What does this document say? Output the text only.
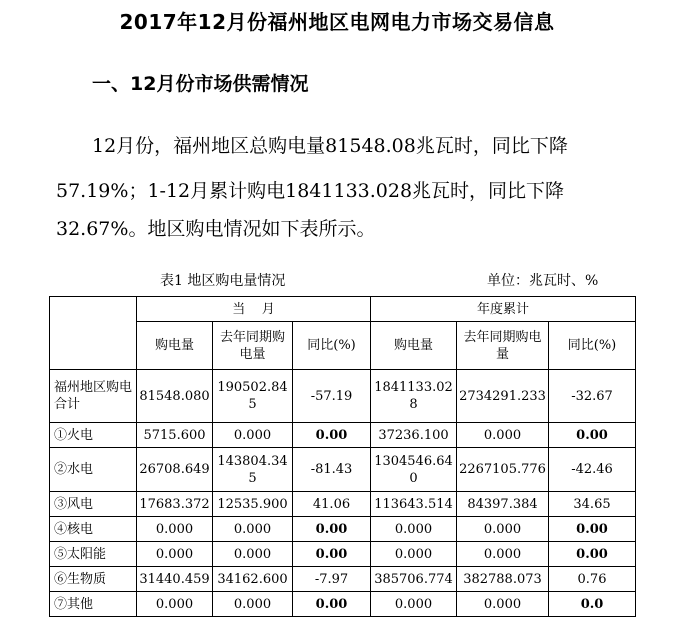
2017年12月份福州地区电网电力市场交易信息
一、12月份市场供需情况
12月份，福州地区总购电量81548.08兆瓦时，同比下降
57.19%；1-12月累计购电1841133.028兆瓦时，同比下降
32.67%。地区购电情况如下表所示。
表1 地区购电量情况	单位：兆瓦时、%
	当    月			年度累计		
	购电量	去年同期购电量	同比(%)	购电量	去年同期购电量	同比(%)
福州地区购电合计	81548.080	190502.845	-57.19	1841133.028	2734291.233	-32.67
①火电	5715.600	0.000	0.00	37236.100	0.000	0.00
②水电	26708.649	143804.345	-81.43	1304546.640	2267105.776	-42.46
③风电	17683.372	12535.900	41.06	113643.514	84397.384	34.65
④核电	0.000	0.000	0.00	0.000	0.000	0.00
⑤太阳能	0.000	0.000	0.00	0.000	0.000	0.00
⑥生物质	31440.459	34162.600	-7.97	385706.774	382788.073	0.76
⑦其他	0.000	0.000	0.00	0.000	0.000	0.0
